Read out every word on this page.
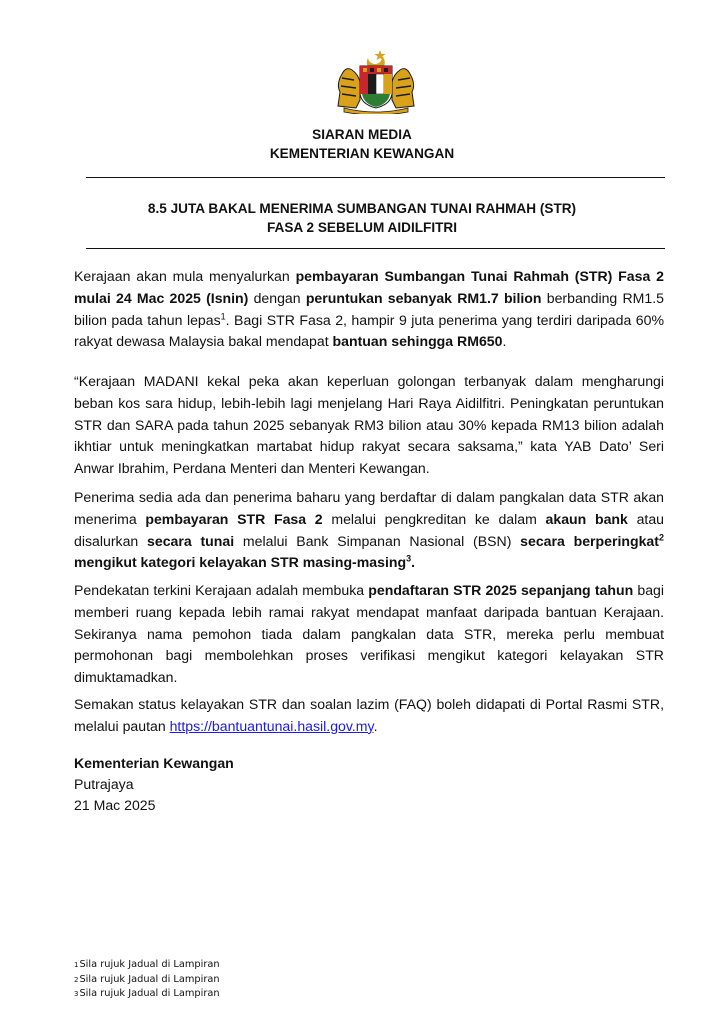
SIARAN MEDIA
KEMENTERIAN KEWANGAN
8.5 JUTA BAKAL MENERIMA SUMBANGAN TUNAI RAHMAH (STR)
FASA 2 SEBELUM AIDILFITRI

Kerajaan akan mula menyalurkan pembayaran Sumbangan Tunai Rahmah (STR) Fasa 2 mulai 24 Mac 2025 (Isnin) dengan peruntukan sebanyak RM1.7 bilion berbanding RM1.5 bilion pada tahun lepas$^1$. Bagi STR Fasa 2, hampir 9 juta penerima yang terdiri daripada 60% rakyat dewasa Malaysia bakal mendapat bantuan sehingga RM650.

“Kerajaan MADANI kekal peka akan keperluan golongan terbanyak dalam mengharungi beban kos sara hidup, lebih-lebih lagi menjelang Hari Raya Aidilfitri. Peningkatan peruntukan STR dan SARA pada tahun 2025 sebanyak RM3 bilion atau 30% kepada RM13 bilion adalah ikhtiar untuk meningkatkan martabat hidup rakyat secara saksama,” kata YAB Dato’ Seri Anwar Ibrahim, Perdana Menteri dan Menteri Kewangan.

Penerima sedia ada dan penerima baharu yang berdaftar di dalam pangkalan data STR akan menerima pembayaran STR Fasa 2 melalui pengkreditan ke dalam akaun bank atau disalurkan secara tunai melalui Bank Simpanan Nasional (BSN) secara berperingkat$^2$ mengikut kategori kelayakan STR masing-masing$^3$.

Pendekatan terkini Kerajaan adalah membuka pendaftaran STR 2025 sepanjang tahun bagi memberi ruang kepada lebih ramai rakyat mendapat manfaat daripada bantuan Kerajaan. Sekiranya nama pemohon tiada dalam pangkalan data STR, mereka perlu membuat permohonan bagi membolehkan proses verifikasi mengikut kategori kelayakan STR dimuktamadkan.

Semakan status kelayakan STR dan soalan lazim (FAQ) boleh didapati di Portal Rasmi STR, melalui pautan https://bantuantunai.hasil.gov.my.

Kementerian Kewangan
Putrajaya
21 Mac 2025
1Sila rujuk Jadual di Lampiran
2Sila rujuk Jadual di Lampiran
3Sila rujuk Jadual di Lampiran
